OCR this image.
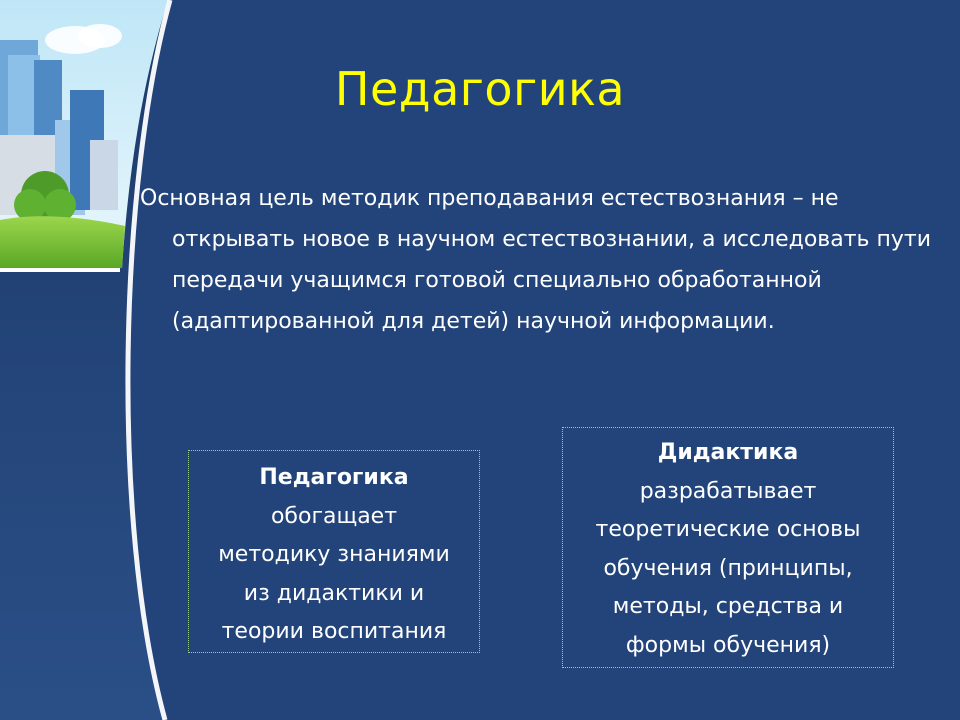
Педагогика

Основная цель методик преподавания естествознания – не открывать новое в научном естествознании, а исследовать пути передачи учащимся готовой специально обработанной (адаптированной для детей) научной информации.

Педагогика
обогащает
методику знаниями
из дидактики и
теории воспитания
Дидактика
разрабатывает
теоретические основы
обучения (принципы,
методы, средства и
формы обучения)
